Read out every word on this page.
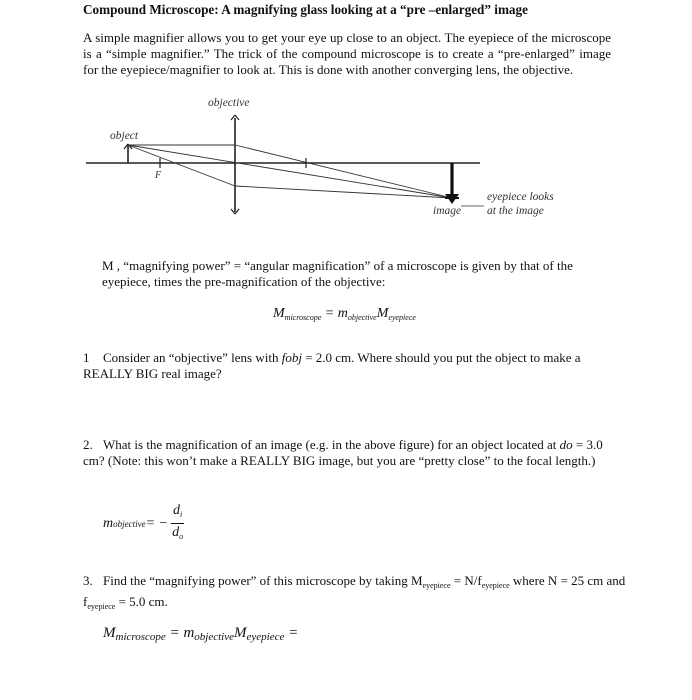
Compound Microscope: A magnifying glass looking at a “pre –enlarged” image
A simple magnifier allows you to get your eye up close to an object. The eyepiece of the microscope is a “simple magnifier.” The trick of the compound microscope is to create a “pre-enlarged” image for the eyepiece/magnifier to look at. This is done with another converging lens, the objective.
objective
object
F
image
eyepiece looks
at the image
M , “magnifying power” = “angular magnification” of a microscope is given by that of the eyepiece, times the pre-magnification of the objective:
$M_{microscope} = m_{objective}M_{eyepiece}$
1 Consider an “objective” lens with fobj = 2.0 cm. Where should you put the object to make a REALLY BIG real image?
2. What is the magnification of an image (e.g. in the above figure) for an object located at do = 3.0 cm? (Note: this won’t make a REALLY BIG image, but you are “pretty close” to the focal length.)
m objective = − $\frac{d_i}{d_o}$
3. Find the “magnifying power” of this microscope by taking $M_{eyepiece} = N/f_{eyepiece}$ where N = 25 cm and $f_{eyepiece} = 5.0$ cm.
$M_{microscope} = m_{objective}M_{eyepiece}$ =
